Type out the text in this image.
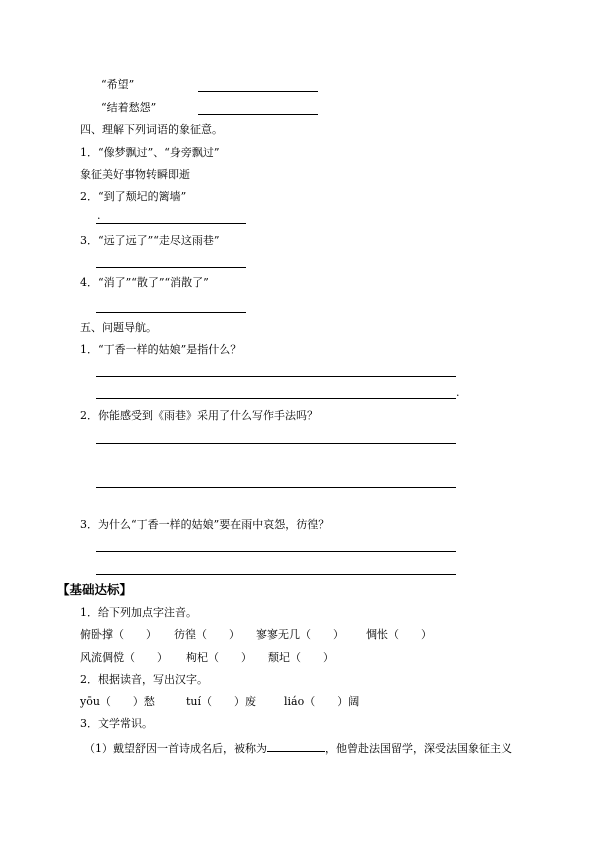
“希望”
“结着愁怨”
四、理解下列词语的象征意。
1．“像梦飘过”、“身旁飘过”
象征美好事物转瞬即逝
2．“到了颓圮的篱墙”
.
3．“远了远了”“走尽这雨巷”
4．“消了”“散了”“消散了”
五、问题导航。
1．“丁香一样的姑娘”是指什么？
.
2．你能感受到《雨巷》采用了什么写作手法吗？
3．为什么“丁香一样的姑娘”要在雨中哀怨，彷徨？
【基础达标】
1．给下列加点字注音。
俯卧撑（　　） 彷徨（　　） 寥寥无几（　　） 惆怅（　　）
风流倜傥（　　） 枸杞（　　） 颓圮（　　）
2．根据读音，写出汉字。
yōu（　　）愁	tuí（　　）废	liáo（　　）阔
3．文学常识。
（1）戴望舒因一首诗成名后，被称为	，他曾赴法国留学，深受法国象征主义
